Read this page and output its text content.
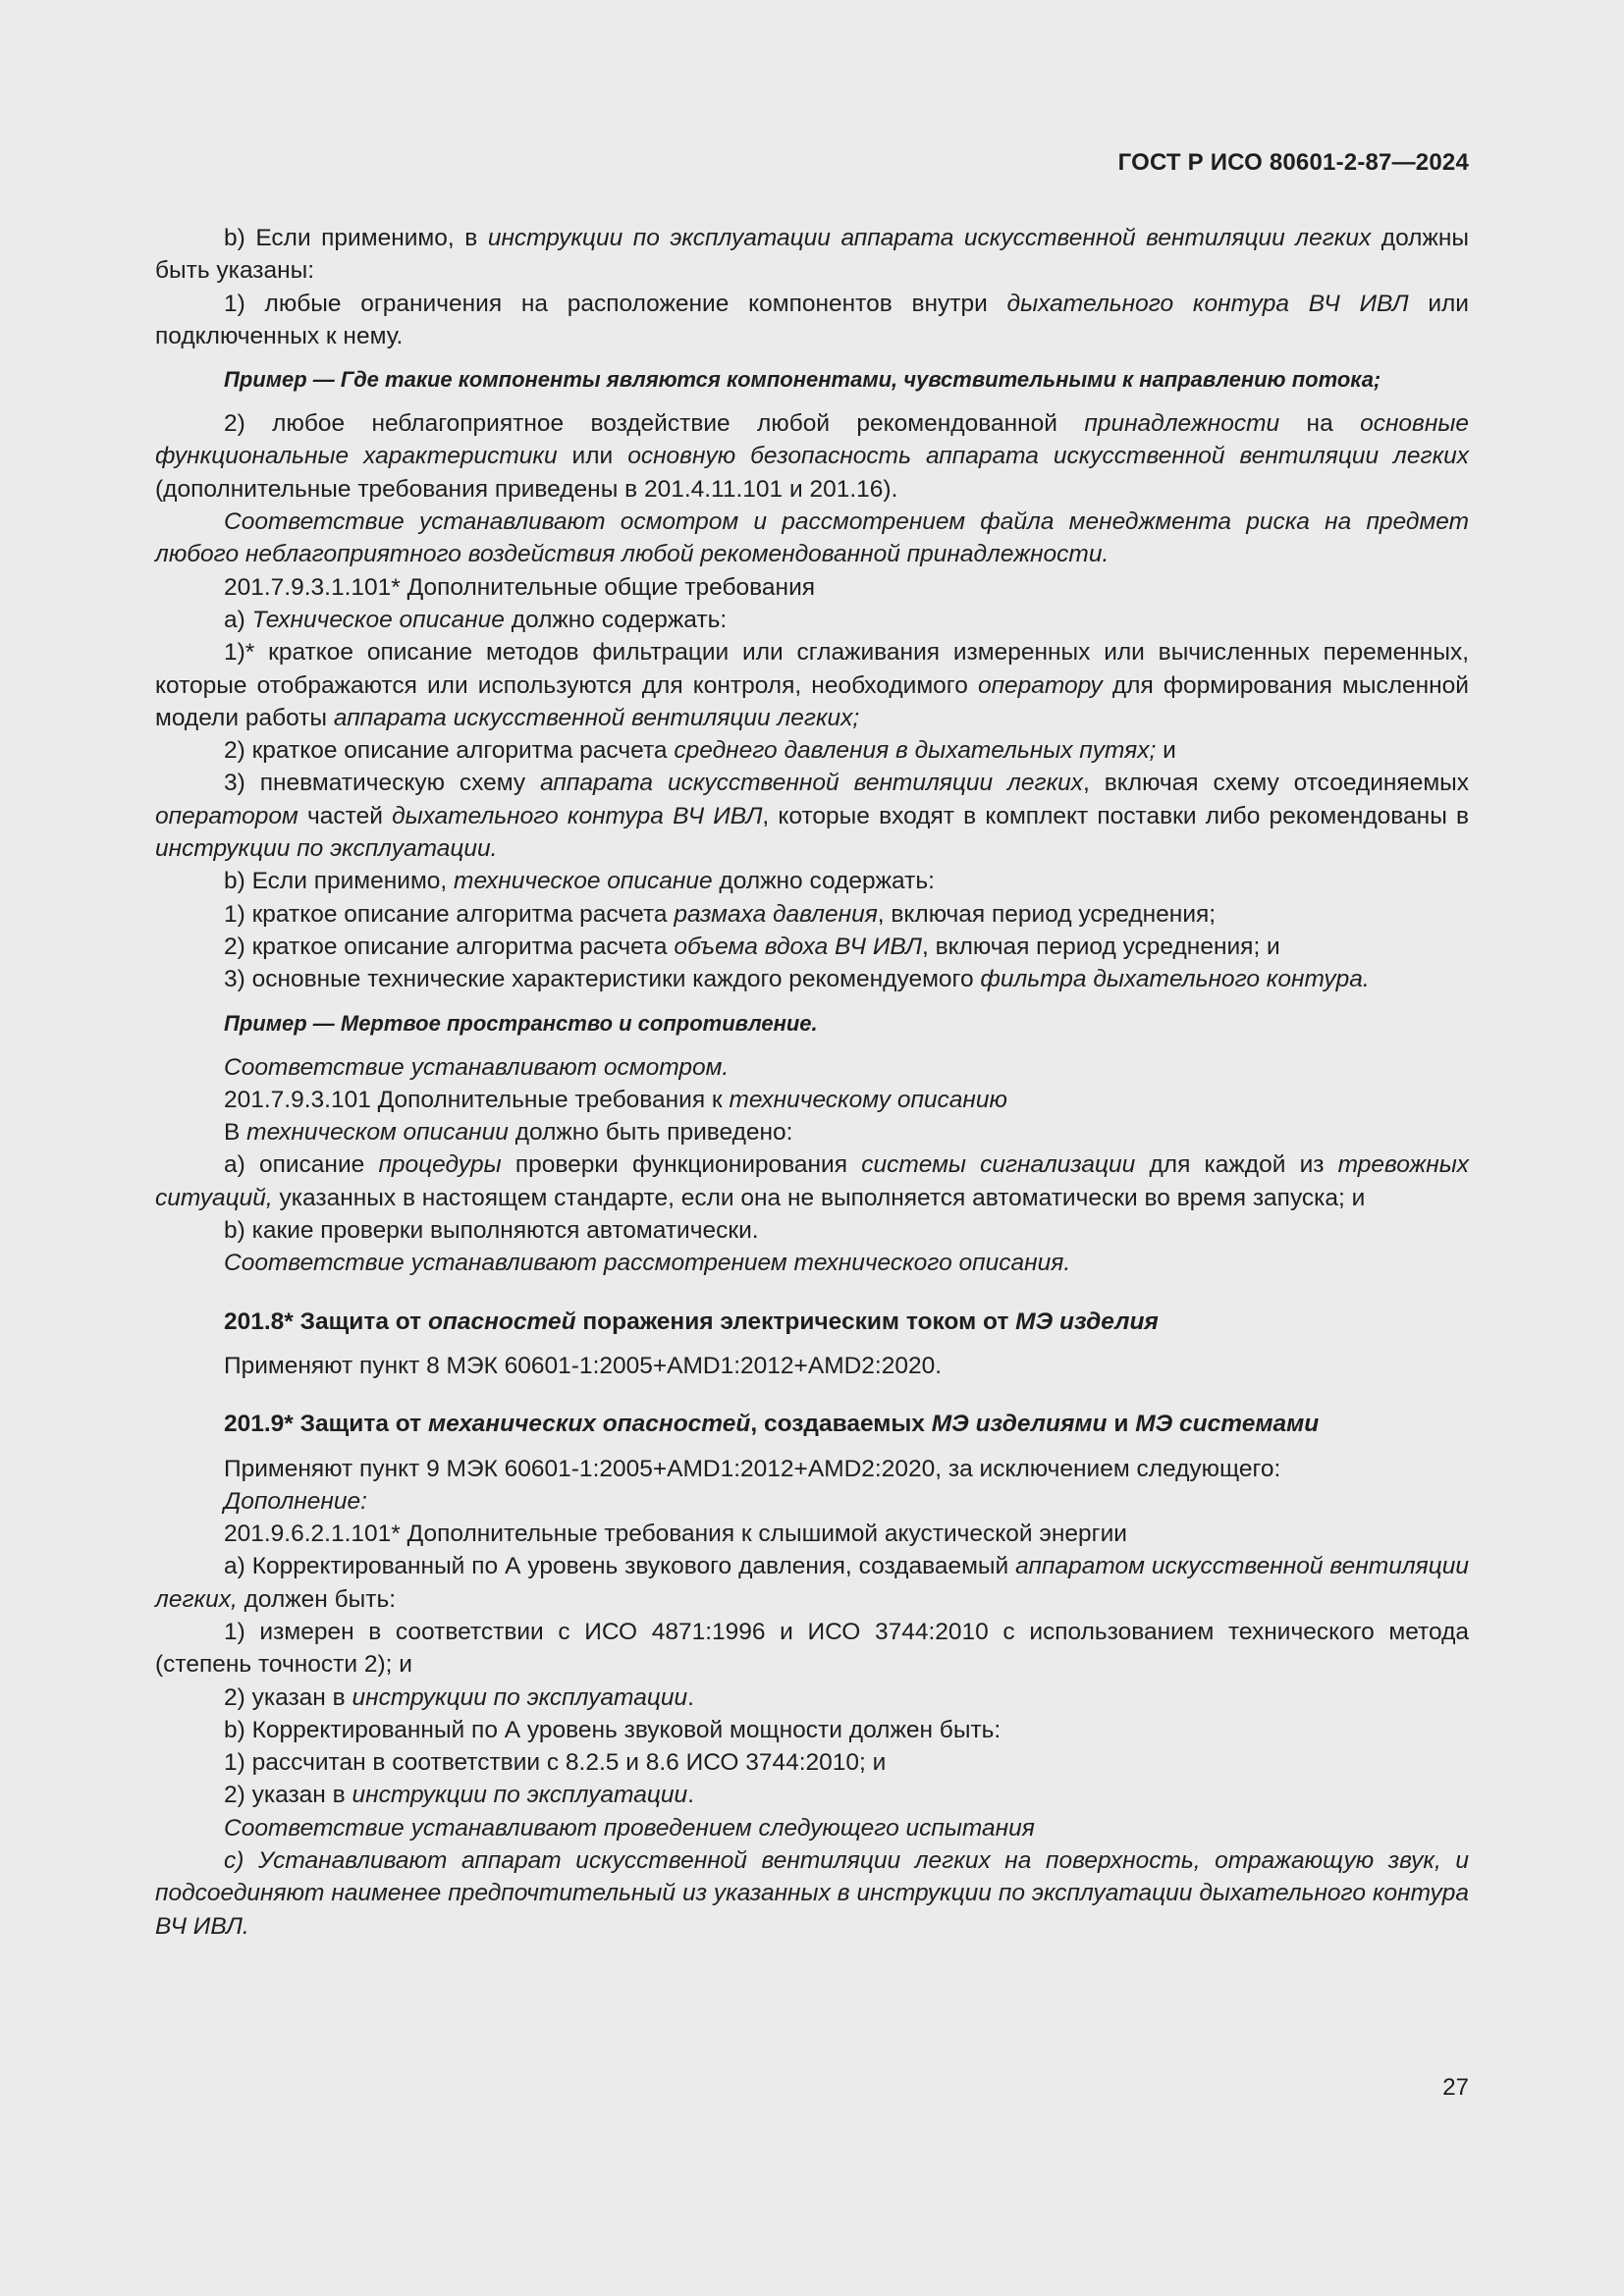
ГОСТ Р ИСО 80601-2-87—2024

b) Если применимо, в инструкции по эксплуатации аппарата искусственной вентиляции легких должны быть указаны:

1) любые ограничения на расположение компонентов внутри дыхательного контура ВЧ ИВЛ или подключенных к нему.

Пример — Где такие компоненты являются компонентами, чувствительными к направлению потока;

2) любое неблагоприятное воздействие любой рекомендованной принадлежности на основные функциональные характеристики или основную безопасность аппарата искусственной вентиляции легких (дополнительные требования приведены в 201.4.11.101 и 201.16).

Соответствие устанавливают осмотром и рассмотрением файла менеджмента риска на предмет любого неблагоприятного воздействия любой рекомендованной принадлежности.

201.7.9.3.1.101* Дополнительные общие требования

a) Техническое описание должно содержать:

1)* краткое описание методов фильтрации или сглаживания измеренных или вычисленных переменных, которые отображаются или используются для контроля, необходимого оператору для формирования мысленной модели работы аппарата искусственной вентиляции легких;

2) краткое описание алгоритма расчета среднего давления в дыхательных путях; и

3) пневматическую схему аппарата искусственной вентиляции легких, включая схему отсоединяемых оператором частей дыхательного контура ВЧ ИВЛ, которые входят в комплект поставки либо рекомендованы в инструкции по эксплуатации.

b) Если применимо, техническое описание должно содержать:

1) краткое описание алгоритма расчета размаха давления, включая период усреднения;

2) краткое описание алгоритма расчета объема вдоха ВЧ ИВЛ, включая период усреднения; и

3) основные технические характеристики каждого рекомендуемого фильтра дыхательного контура.

Пример — Мертвое пространство и сопротивление.

Соответствие устанавливают осмотром.

201.7.9.3.101 Дополнительные требования к техническому описанию

В техническом описании должно быть приведено:

a) описание процедуры проверки функционирования системы сигнализации для каждой из тревожных ситуаций, указанных в настоящем стандарте, если она не выполняется автоматически во время запуска; и

b) какие проверки выполняются автоматически.

Соответствие устанавливают рассмотрением технического описания.

201.8* Защита от опасностей поражения электрическим током от МЭ изделия

Применяют пункт 8 МЭК 60601-1:2005+AMD1:2012+AMD2:2020.

201.9* Защита от механических опасностей, создаваемых МЭ изделиями и МЭ системами

Применяют пункт 9 МЭК 60601-1:2005+AMD1:2012+AMD2:2020, за исключением следующего:

Дополнение:

201.9.6.2.1.101* Дополнительные требования к слышимой акустической энергии

a) Корректированный по А уровень звукового давления, создаваемый аппаратом искусственной вентиляции легких, должен быть:

1) измерен в соответствии с ИСО 4871:1996 и ИСО 3744:2010 с использованием технического метода (степень точности 2); и

2) указан в инструкции по эксплуатации.

b) Корректированный по А уровень звуковой мощности должен быть:

1) рассчитан в соответствии с 8.2.5 и 8.6 ИСО 3744:2010; и

2) указан в инструкции по эксплуатации.

Соответствие устанавливают проведением следующего испытания

c) Устанавливают аппарат искусственной вентиляции легких на поверхность, отражающую звук, и подсоединяют наименее предпочтительный из указанных в инструкции по эксплуатации дыхательного контура ВЧ ИВЛ.

27
